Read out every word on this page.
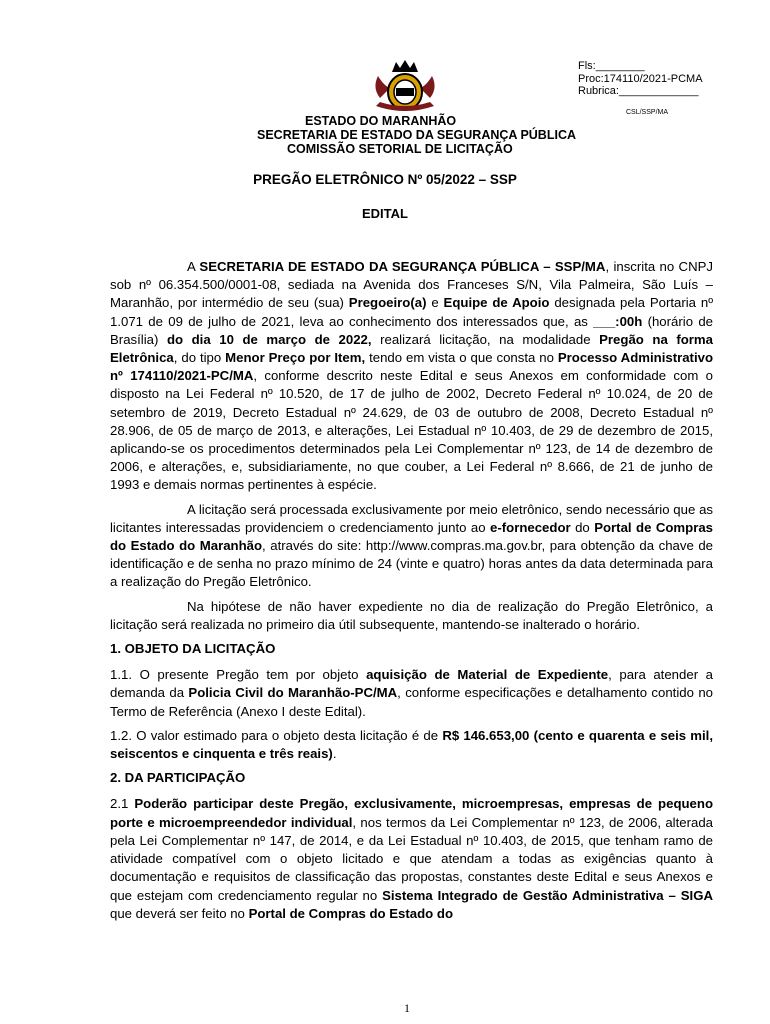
Fls:________
Proc:174110/2021-PCMA
Rubrica:_____________
CSL/SSP/MA
ESTADO DO MARANHÃO
SECRETARIA DE ESTADO DA SEGURANÇA PÚBLICA
COMISSÃO SETORIAL DE LICITAÇÃO
PREGÃO ELETRÔNICO Nº 05/2022 – SSP
EDITAL

A SECRETARIA DE ESTADO DA SEGURANÇA PÚBLICA – SSP/MA, inscrita no CNPJ sob nº 06.354.500/0001-08, sediada na Avenida dos Franceses S/N, Vila Palmeira, São Luís – Maranhão, por intermédio de seu (sua) Pregoeiro(a) e Equipe de Apoio designada pela Portaria nº 1.071 de 09 de julho de 2021, leva ao conhecimento dos interessados que, as ___:00h (horário de Brasília) do dia 10 de março de 2022, realizará licitação, na modalidade Pregão na forma Eletrônica, do tipo Menor Preço por Item, tendo em vista o que consta no Processo Administrativo nº 174110/2021-PC/MA, conforme descrito neste Edital e seus Anexos em conformidade com o disposto na Lei Federal nº 10.520, de 17 de julho de 2002, Decreto Federal nº 10.024, de 20 de setembro de 2019, Decreto Estadual nº 24.629, de 03 de outubro de 2008, Decreto Estadual nº 28.906, de 05 de março de 2013, e alterações, Lei Estadual nº 10.403, de 29 de dezembro de 2015, aplicando-se os procedimentos determinados pela Lei Complementar nº 123, de 14 de dezembro de 2006, e alterações, e, subsidiariamente, no que couber, a Lei Federal nº 8.666, de 21 de junho de 1993 e demais normas pertinentes à espécie.

A licitação será processada exclusivamente por meio eletrônico, sendo necessário que as licitantes interessadas providenciem o credenciamento junto ao e-fornecedor do Portal de Compras do Estado do Maranhão, através do site: http://www.compras.ma.gov.br, para obtenção da chave de identificação e de senha no prazo mínimo de 24 (vinte e quatro) horas antes da data determinada para a realização do Pregão Eletrônico.

Na hipótese de não haver expediente no dia de realização do Pregão Eletrônico, a licitação será realizada no primeiro dia útil subsequente, mantendo-se inalterado o horário.

1. OBJETO DA LICITAÇÃO

1.1. O presente Pregão tem por objeto aquisição de Material de Expediente, para atender a demanda da Policia Civil do Maranhão-PC/MA, conforme especificações e detalhamento contido no Termo de Referência (Anexo I deste Edital).

1.2. O valor estimado para o objeto desta licitação é de R$ 146.653,00 (cento e quarenta e seis mil, seiscentos e cinquenta e três reais).

2. DA PARTICIPAÇÃO

2.1 Poderão participar deste Pregão, exclusivamente, microempresas, empresas de pequeno porte e microempreendedor individual, nos termos da Lei Complementar nº 123, de 2006, alterada pela Lei Complementar nº 147, de 2014, e da Lei Estadual nº 10.403, de 2015, que tenham ramo de atividade compatível com o objeto licitado e que atendam a todas as exigências quanto à documentação e requisitos de classificação das propostas, constantes deste Edital e seus Anexos e que estejam com credenciamento regular no Sistema Integrado de Gestão Administrativa – SIGA que deverá ser feito no Portal de Compras do Estado do

1
